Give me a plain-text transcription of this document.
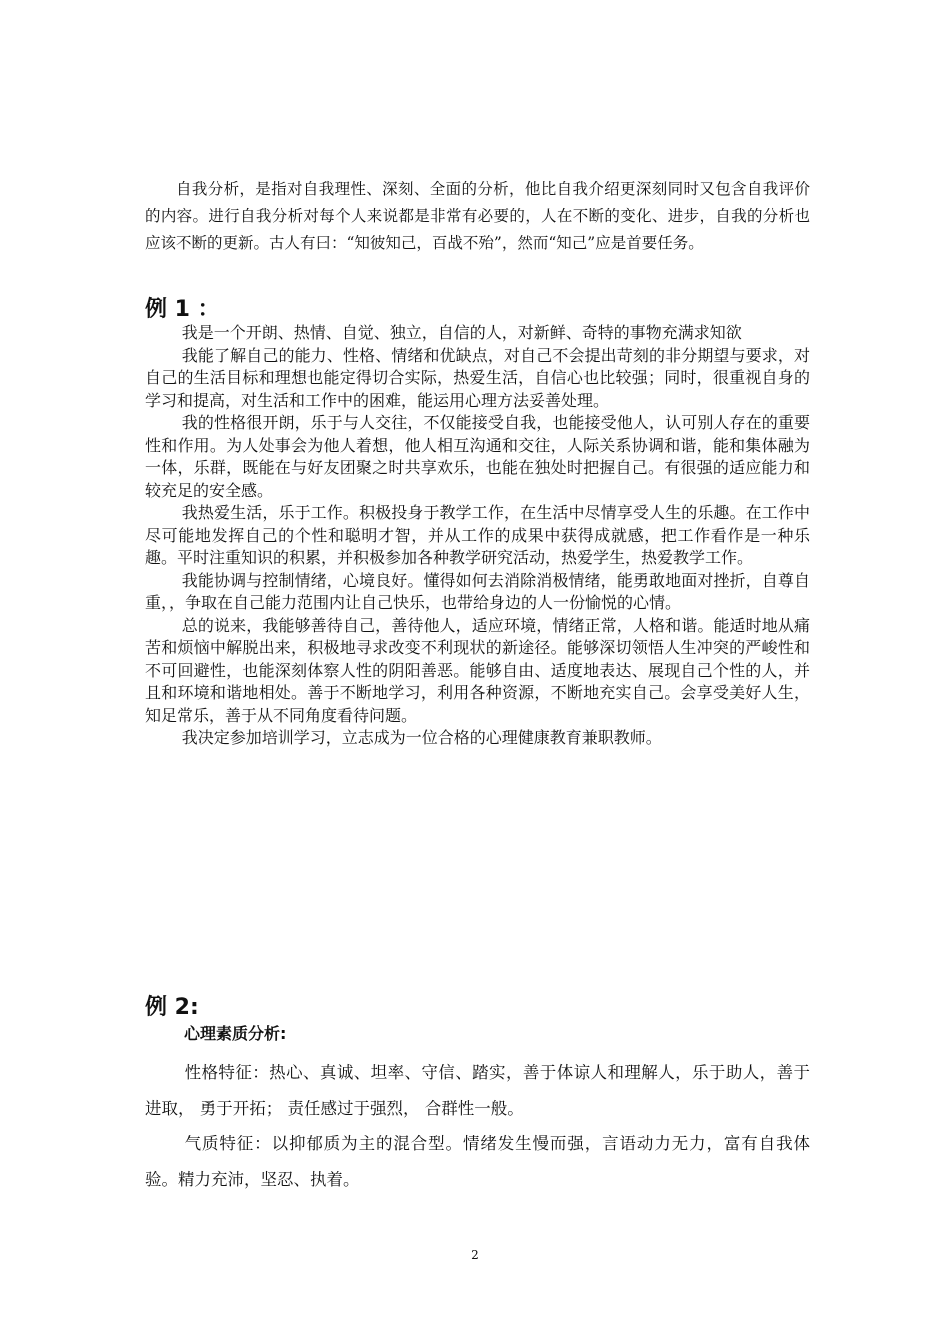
自我分析，是指对自我理性、深刻、全面的分析，他比自我介绍更深刻同时又包含自我评价的内容。进行自我分析对每个人来说都是非常有必要的，人在不断的变化、进步，自我的分析也应该不断的更新。古人有曰：“知彼知己，百战不殆”，然而“知己”应是首要任务。

例 1 ：

我是一个开朗、热情、自觉、独立，自信的人，对新鲜、奇特的事物充满求知欲

我能了解自己的能力、性格、情绪和优缺点，对自己不会提出苛刻的非分期望与要求，对自己的生活目标和理想也能定得切合实际，热爱生活，自信心也比较强；同时，很重视自身的学习和提高，对生活和工作中的困难，能运用心理方法妥善处理。

我的性格很开朗，乐于与人交往，不仅能接受自我，也能接受他人，认可别人存在的重要性和作用。为人处事会为他人着想，他人相互沟通和交往，人际关系协调和谐，能和集体融为一体，乐群，既能在与好友团聚之时共享欢乐，也能在独处时把握自己。有很强的适应能力和较充足的安全感。

我热爱生活，乐于工作。积极投身于教学工作，在生活中尽情享受人生的乐趣。在工作中尽可能地发挥自己的个性和聪明才智，并从工作的成果中获得成就感，把工作看作是一种乐趣。平时注重知识的积累，并积极参加各种教学研究活动，热爱学生，热爱教学工作。

我能协调与控制情绪，心境良好。懂得如何去消除消极情绪，能勇敢地面对挫折，自尊自重，，争取在自己能力范围内让自己快乐，也带给身边的人一份愉悦的心情。

总的说来，我能够善待自己，善待他人，适应环境，情绪正常，人格和谐。能适时地从痛苦和烦恼中解脱出来，积极地寻求改变不利现状的新途径。能够深切领悟人生冲突的严峻性和不可回避性，也能深刻体察人性的阴阳善恶。能够自由、适度地表达、展现自己个性的人，并且和环境和谐地相处。善于不断地学习，利用各种资源，不断地充实自己。会享受美好人生，知足常乐，善于从不同角度看待问题。

我决定参加培训学习，立志成为一位合格的心理健康教育兼职教师。

例 2:
心理素质分析:

性格特征：热心、真诚、坦率、守信、踏实，善于体谅人和理解人，乐于助人，善于进取， 勇于开拓； 责任感过于强烈， 合群性一般。

气质特征：以抑郁质为主的混合型。情绪发生慢而强，言语动力无力，富有自我体验。精力充沛，坚忍、执着。

2
